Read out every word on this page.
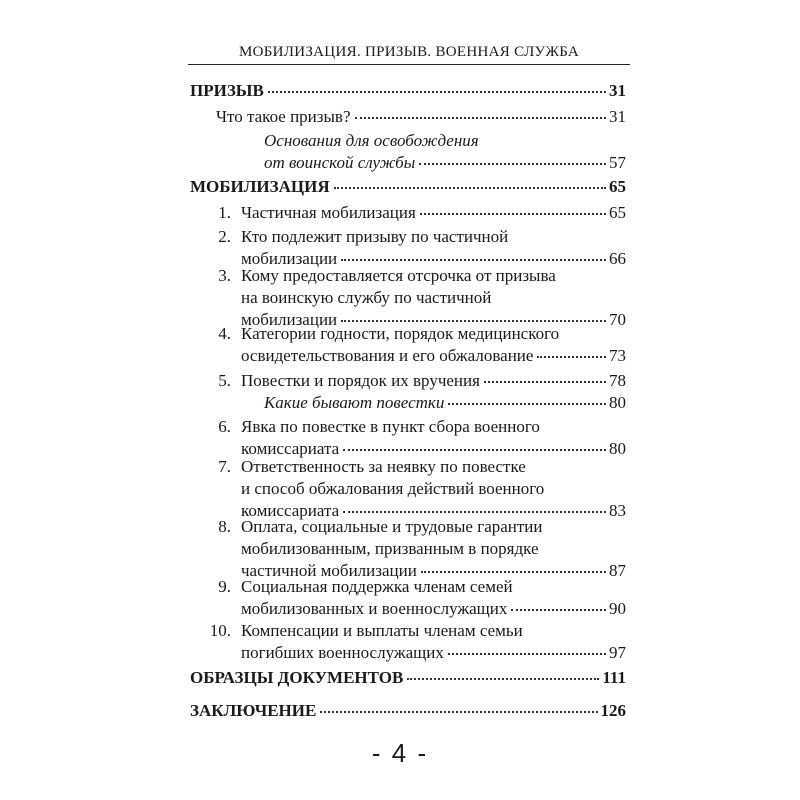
МОБИЛИЗАЦИЯ. ПРИЗЫВ. ВОЕННАЯ СЛУЖБА
ПРИЗЫВ	31
Что такое призыв?	31
Основания для освобождения
от воинской службы	57
МОБИЛИЗАЦИЯ	65
1. Частичная мобилизация	65
2. Кто подлежит призыву по частичной
мобилизации	66
3. Кому предоставляется отсрочка от призыва
на воинскую службу по частичной
мобилизации	70
4. Категории годности, порядок медицинского
освидетельствования и его обжалование	73
5. Повестки и порядок их вручения	78
Какие бывают повестки	80
6. Явка по повестке в пункт сбора военного
комиссариата	80
7. Ответственность за неявку по повестке
и способ обжалования действий военного
комиссариата	83
8. Оплата, социальные и трудовые гарантии
мобилизованным, призванным в порядке
частичной мобилизации	87
9. Социальная поддержка членам семей
мобилизованных и военнослужащих	90
10. Компенсации и выплаты членам семьи
погибших военнослужащих	97
ОБРАЗЦЫ ДОКУМЕНТОВ	111
ЗАКЛЮЧЕНИЕ	126
- 4 -
